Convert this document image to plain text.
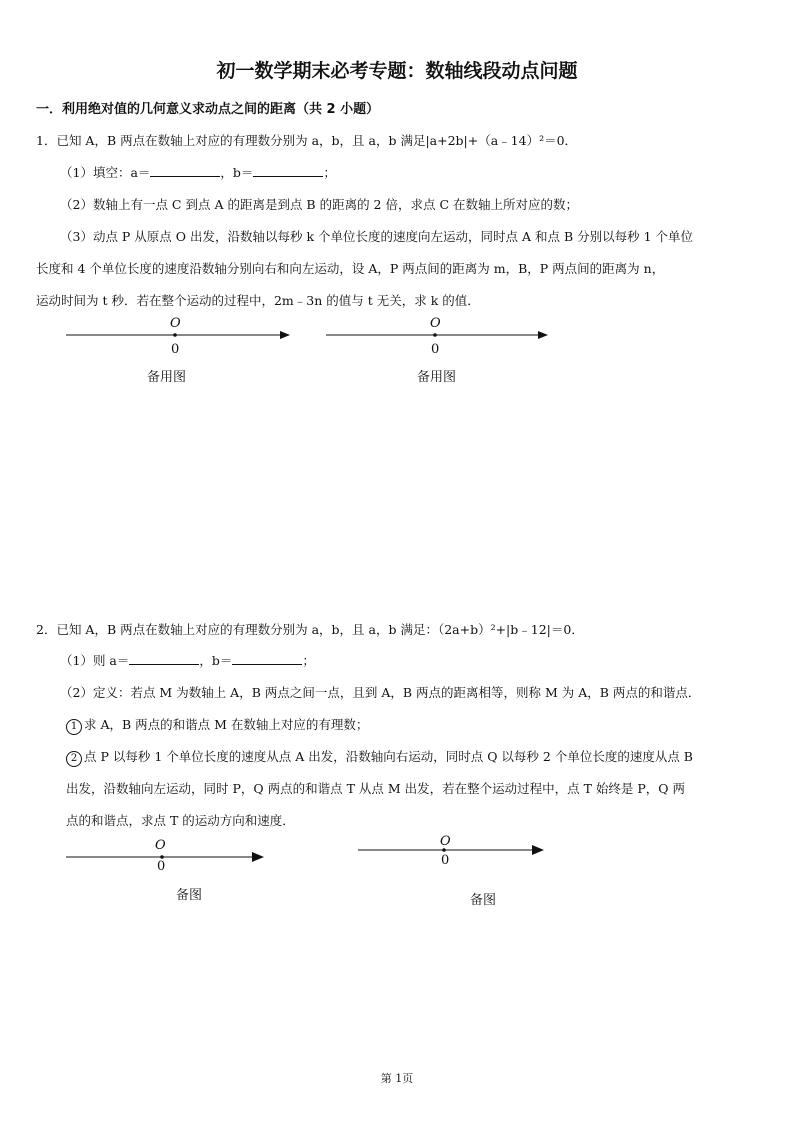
初一数学期末必考专题：数轴线段动点问题
一．利用绝对值的几何意义求动点之间的距离（共 2 小题）
1．已知 A，B 两点在数轴上对应的有理数分别为 a，b，且 a，b 满足|a+2b|+（a﹣14）²＝0．
（1）填空：a＝	，b＝	；
（2）数轴上有一点 C 到点 A 的距离是到点 B 的距离的 2 倍，求点 C 在数轴上所对应的数；
（3）动点 P 从原点 O 出发，沿数轴以每秒 k 个单位长度的速度向左运动，同时点 A 和点 B 分别以每秒 1 个单位
长度和 4 个单位长度的速度沿数轴分别向右和向左运动，设 A，P 两点间的距离为 m，B，P 两点间的距离为 n，
运动时间为 t 秒．若在整个运动的过程中，2m﹣3n 的值与 t 无关，求 k 的值．
O
0
备用图
O
0
备用图
2．已知 A，B 两点在数轴上对应的有理数分别为 a，b，且 a，b 满足：（2a+b）²+|b﹣12|＝0．
（1）则 a＝	，b＝	；
（2）定义：若点 M 为数轴上 A，B 两点之间一点，且到 A，B 两点的距离相等，则称 M 为 A，B 两点的和谐点．
1 求 A，B 两点的和谐点 M 在数轴上对应的有理数；
2 点 P 以每秒 1 个单位长度的速度从点 A 出发，沿数轴向右运动，同时点 Q 以每秒 2 个单位长度的速度从点 B
出发，沿数轴向左运动，同时 P，Q 两点的和谐点 T 从点 M 出发，若在整个运动过程中，点 T 始终是 P，Q 两
点的和谐点，求点 T 的运动方向和速度．
O
0
备图
O
0
备图
第 1页
